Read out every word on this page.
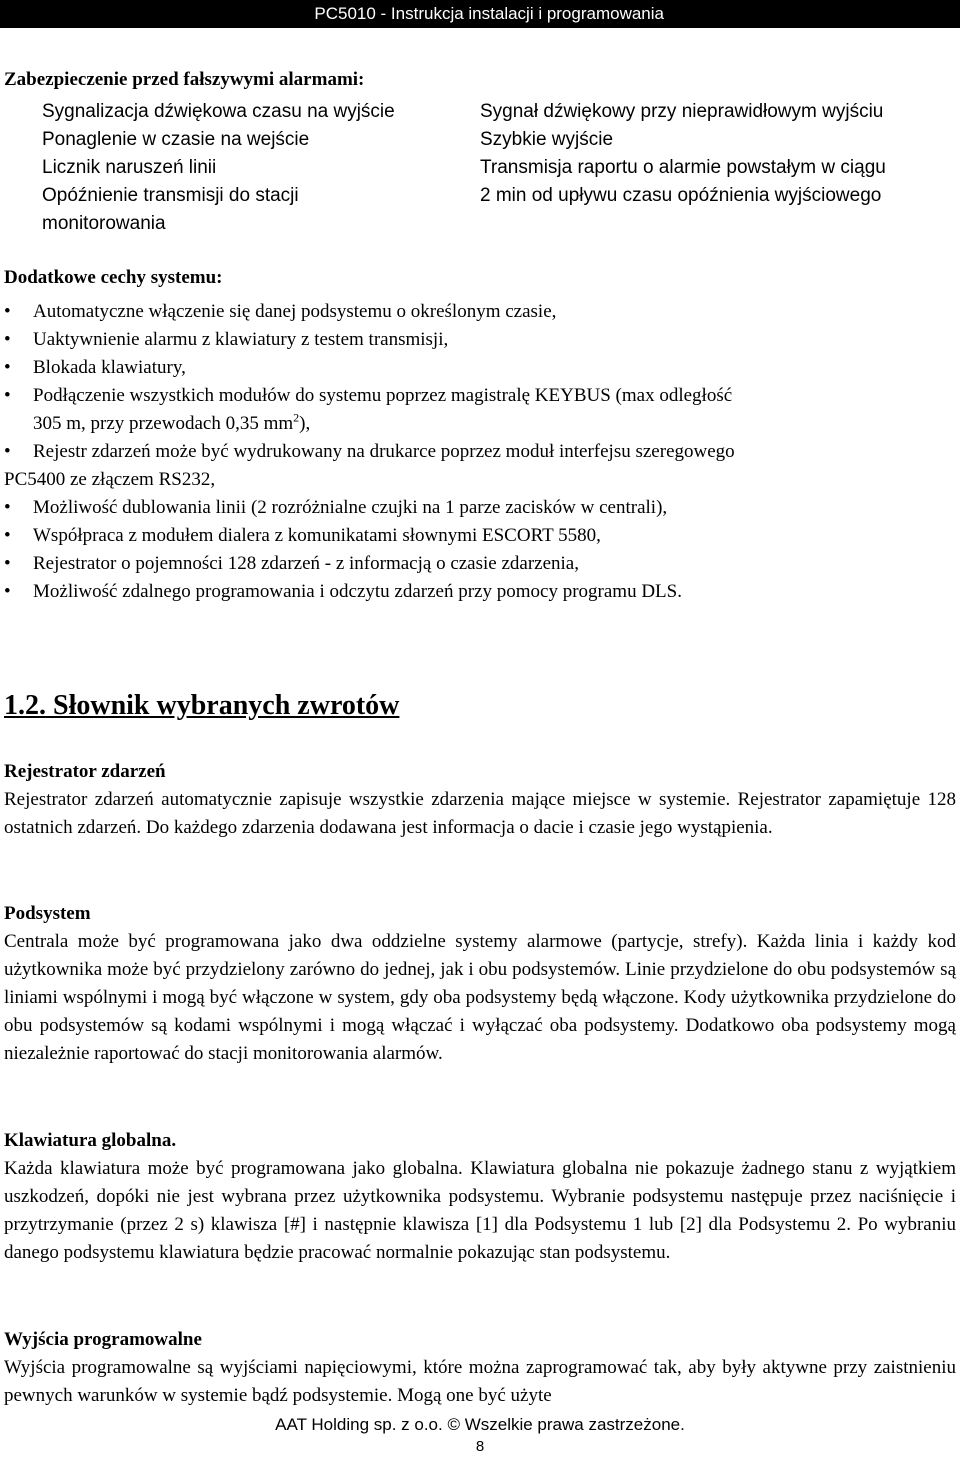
PC5010 - Instrukcja instalacji i programowania
Zabezpieczenie przed fałszywymi alarmami:
Sygnalizacja dźwiękowa czasu na wyjście
Ponaglenie w czasie na wejście
Licznik naruszeń linii
Opóźnienie transmisji do stacji
monitorowania
Sygnał dźwiękowy przy nieprawidłowym wyjściu
Szybkie wyjście
Transmisja raportu o alarmie powstałym w ciągu
2 min od upływu czasu opóźnienia wyjściowego
Dodatkowe cechy systemu:
• Automatyczne włączenie się danej podsystemu o określonym czasie,
• Uaktywnienie alarmu z klawiatury z testem transmisji,
• Blokada klawiatury,
• Podłączenie wszystkich modułów do systemu poprzez magistralę KEYBUS (max odległość
305 m, przy przewodach 0,35 $mm^2$),
• Rejestr zdarzeń może być wydrukowany na drukarce poprzez moduł interfejsu szeregowego
PC5400 ze złączem RS232,
• Możliwość dublowania linii (2 rozróżnialne czujki na 1 parze zacisków w centrali),
• Współpraca z modułem dialera z komunikatami słownymi ESCORT 5580,
• Rejestrator o pojemności 128 zdarzeń - z informacją o czasie zdarzenia,
• Możliwość zdalnego programowania i odczytu zdarzeń przy pomocy programu DLS.
1.2. Słownik wybranych zwrotów

Rejestrator zdarzeń

Rejestrator zdarzeń automatycznie zapisuje wszystkie zdarzenia mające miejsce w systemie. Rejestrator zapamiętuje 128 ostatnich zdarzeń. Do każdego zdarzenia dodawana jest informacja o dacie i czasie jego wystąpienia.

Podsystem

Centrala może być programowana jako dwa oddzielne systemy alarmowe (partycje, strefy). Każda linia i każdy kod użytkownika może być przydzielony zarówno do jednej, jak i obu podsystemów. Linie przydzielone do obu podsystemów są liniami wspólnymi i mogą być włączone w system, gdy oba podsystemy będą włączone. Kody użytkownika przydzielone do obu podsystemów są kodami wspólnymi i mogą włączać i wyłączać oba podsystemy. Dodatkowo oba podsystemy mogą niezależnie raportować do stacji monitorowania alarmów.

Klawiatura globalna.

Każda klawiatura może być programowana jako globalna. Klawiatura globalna nie pokazuje żadnego stanu z wyjątkiem uszkodzeń, dopóki nie jest wybrana przez użytkownika podsystemu. Wybranie podsystemu następuje przez naciśnięcie i przytrzymanie (przez 2 s) klawisza [#] i następnie klawisza [1] dla Podsystemu 1 lub [2] dla Podsystemu 2. Po wybraniu danego podsystemu klawiatura będzie pracować normalnie pokazując stan podsystemu.

Wyjścia programowalne

Wyjścia programowalne są wyjściami napięciowymi, które można zaprogramować tak, aby były aktywne przy zaistnieniu pewnych warunków w systemie bądź podsystemie. Mogą one być użyte

AAT Holding sp. z o.o. © Wszelkie prawa zastrzeżone.
8
